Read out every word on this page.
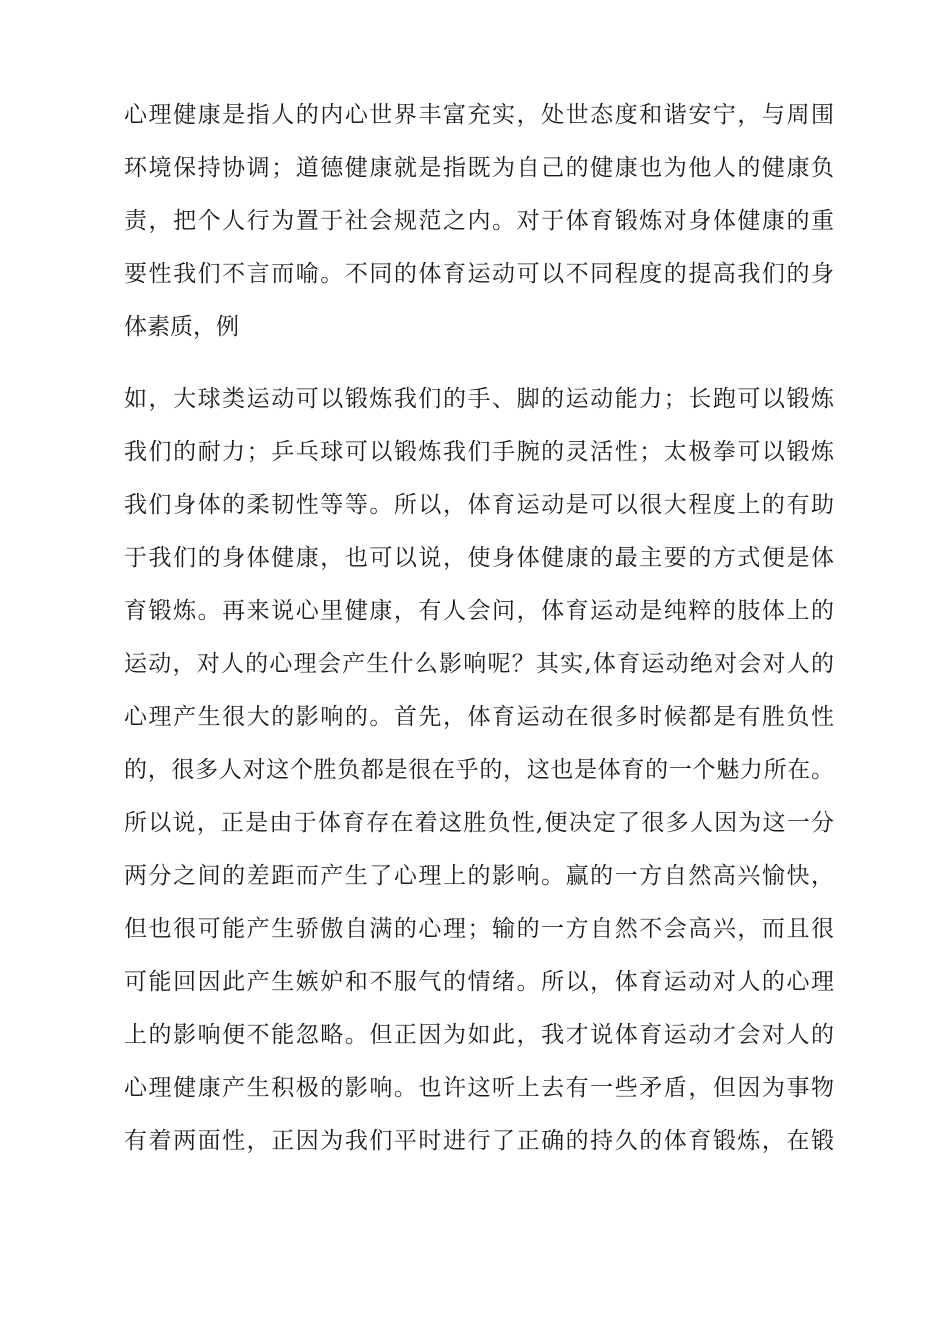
心理健康是指人的内心世界丰富充实，处世态度和谐安宁，与周围
环境保持协调；道德健康就是指既为自己的健康也为他人的健康负
责，把个人行为置于社会规范之内。对于体育锻炼对身体健康的重
要性我们不言而喻。不同的体育运动可以不同程度的提高我们的身
体素质，例
如，大球类运动可以锻炼我们的手、脚的运动能力；长跑可以锻炼
我们的耐力；乒乓球可以锻炼我们手腕的灵活性；太极拳可以锻炼
我们身体的柔韧性等等。所以，体育运动是可以很大程度上的有助
于我们的身体健康，也可以说，使身体健康的最主要的方式便是体
育锻炼。再来说心里健康，有人会问，体育运动是纯粹的肢体上的
运动，对人的心理会产生什么影响呢？其实,体育运动绝对会对人的
心理产生很大的影响的。首先，体育运动在很多时候都是有胜负性
的，很多人对这个胜负都是很在乎的，这也是体育的一个魅力所在。
所以说，正是由于体育存在着这胜负性,便决定了很多人因为这一分
两分之间的差距而产生了心理上的影响。赢的一方自然高兴愉快，
但也很可能产生骄傲自满的心理；输的一方自然不会高兴，而且很
可能回因此产生嫉妒和不服气的情绪。所以，体育运动对人的心理
上的影响便不能忽略。但正因为如此，我才说体育运动才会对人的
心理健康产生积极的影响。也许这听上去有一些矛盾，但因为事物
有着两面性，正因为我们平时进行了正确的持久的体育锻炼，在锻
